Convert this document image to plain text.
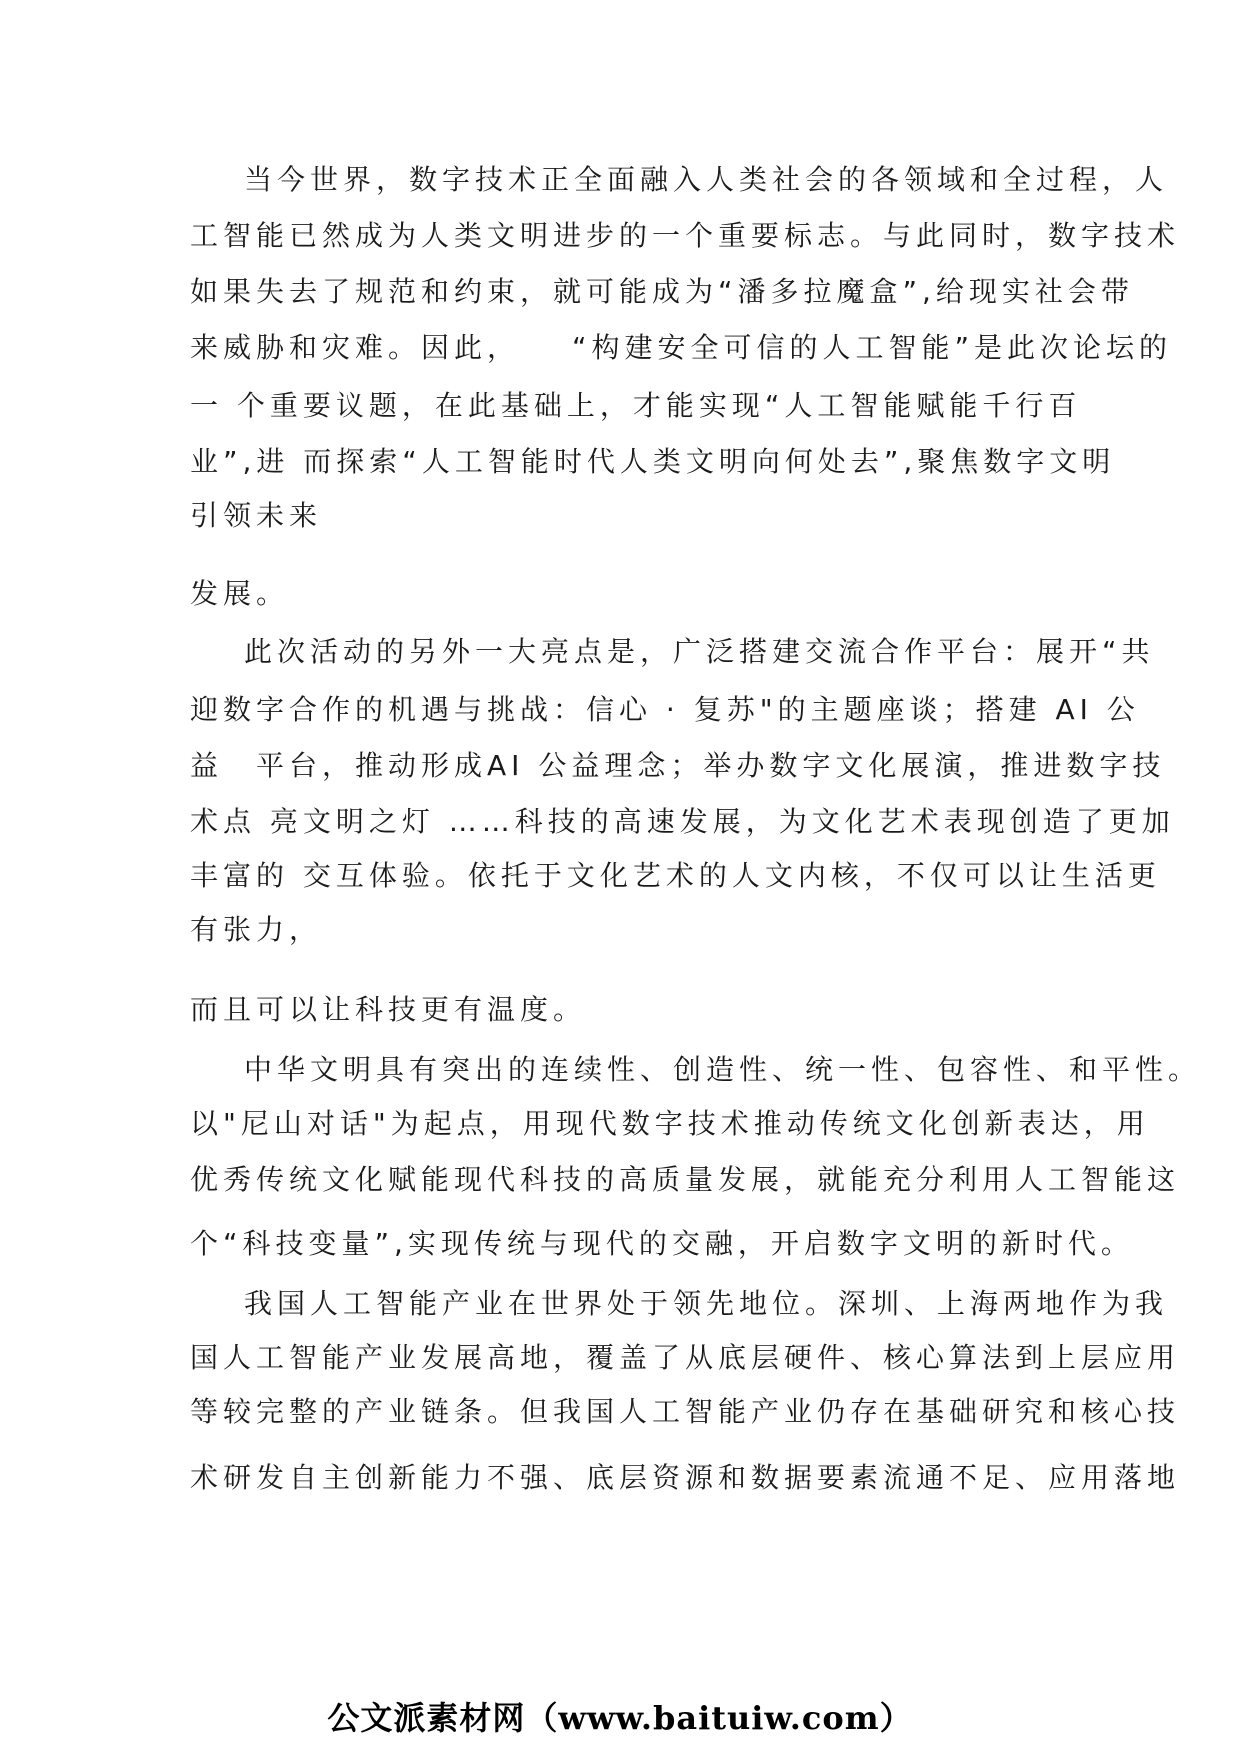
当今世界，数字技术正全面融入人类社会的各领域和全过程，人
工智能已然成为人类文明进步的一个重要标志。与此同时，数字技术
如果失去了规范和约束，就可能成为“潘多拉魔盒”,给现实社会带
来威胁和灾难。因此，　　“构建安全可信的人工智能”是此次论坛的
一 个重要议题，在此基础上，才能实现“人工智能赋能千行百
业”,进 而探索“人工智能时代人类文明向何处去”,聚焦数字文明
引领未来
发展。
此次活动的另外一大亮点是，广泛搭建交流合作平台：展开“共
迎数字合作的机遇与挑战：信心 · 复苏"的主题座谈；搭建 AI 公
益　平台，推动形成AI 公益理念；举办数字文化展演，推进数字技
术点 亮文明之灯 ……科技的高速发展，为文化艺术表现创造了更加
丰富的 交互体验。依托于文化艺术的人文内核，不仅可以让生活更
有张力，
而且可以让科技更有温度。
中华文明具有突出的连续性、创造性、统一性、包容性、和平性。
以"尼山对话"为起点，用现代数字技术推动传统文化创新表达，用
优秀传统文化赋能现代科技的高质量发展，就能充分利用人工智能这
个“科技变量”,实现传统与现代的交融，开启数字文明的新时代。
我国人工智能产业在世界处于领先地位。深圳、上海两地作为我
国人工智能产业发展高地，覆盖了从底层硬件、核心算法到上层应用
等较完整的产业链条。但我国人工智能产业仍存在基础研究和核心技
术研发自主创新能力不强、底层资源和数据要素流通不足、应用落地
公文派素材网（www.baituiw.com）
